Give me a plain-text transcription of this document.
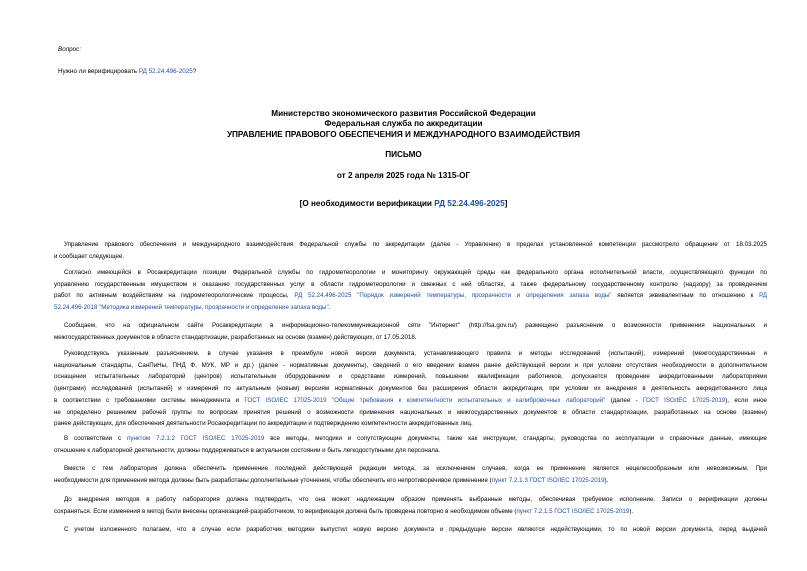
Вопрос:
Нужно ли верифицировать РД 52.24.496-2025?
Министерство экономического развития Российской Федерации
Федеральная служба по аккредитации
УПРАВЛЕНИЕ ПРАВОВОГО ОБЕСПЕЧЕНИЯ И МЕЖДУНАРОДНОГО ВЗАИМОДЕЙСТВИЯ
ПИСЬМО
от 2 апреля 2025 года № 1315-ОГ
[О необходимости верификации РД 52.24.496-2025]
Управление правового обеспечения и международного взаимодействия Федеральной службы по аккредитации (далее - Управление) в пределах установленной компетенции рассмотрело обращение от 18.03.2025
и сообщает следующее.
Согласно имеющейся в Росаккредитации позиции Федеральной службы по гидрометеорологии и мониторингу окружающей среды как федерального органа исполнительной власти, осуществляющего функции по
управлению государственным имуществом и оказанию государственных услуг в области гидрометеорологии и смежных с ней областях, а также федеральному государственному контролю (надзору) за проведением
работ по активным воздействиям на гидрометеорологические процессы, РД 52.24.496-2025 "Порядок измерений температуры, прозрачности и определения запаха воды" является эквивалентным по отношению к РД
52.24.496-2018 "Методика измерений температуры, прозрачности и определение запаха воды".
Сообщаем, что на официальном сайте Росаккредитации в информационно-телекоммуникационной сети "Интернет" (http://fsa.gov.ru/) размещено разъяснение о возможности применения национальных и
межгосударственных документов в области стандартизации, разработанных на основе (взамен) действующих, от 17.05.2018.
Руководствуясь указанным разъяснением, в случае указания в преамбуле новой версии документа, устанавливающего правила и методы исследований (испытаний), измерений (межгосударственные и
национальные стандарты, СанПиНы, ПНД Ф, МУК, МР и др.) (далее - нормативные документы), сведений о его введении взамен ранее действующей версии и при условии отсутствия необходимости в дополнительном
оснащении испытательных лабораторий (центров) испытательным оборудованием и средствами измерений, повышении квалификации работников, допускается проведение аккредитованными лабораториями
(центрами) исследований (испытаний) и измерений по актуальным (новым) версиям нормативных документов без расширения области аккредитации, при условии их внедрения в деятельность аккредитованного лица
в соответствии с требованиями системы менеджмента и ГОСТ ISO/IEC 17025-2019 "Общие требования к компетентности испытательных и калибровочных лабораторий" (далее - ГОСТ ISO/IEC 17025-2019), если иное
не определено решением рабочей группы по вопросам принятия решений о возможности применения национальных и межгосударственных документов в области стандартизации, разработанных на основе (взамен)
ранее действующих, для обеспечения деятельности Росаккредитации по аккредитации и подтверждению компетентности аккредитованных лиц.
В соответствии с пунктом 7.2.1.2 ГОСТ ISO/IEC 17025-2019 все методы, методики и сопутствующие документы, такие как инструкции, стандарты, руководства по эксплуатации и справочные данные, имеющие
отношение к лабораторной деятельности, должны поддерживаться в актуальном состоянии и быть легкодоступными для персонала.
Вместе с тем лаборатория должна обеспечить применение последней действующей редакции метода, за исключением случаев, когда ее применение является нецелесообразным или невозможным. При
необходимости для применения метода должны быть разработаны дополнительные уточнения, чтобы обеспечить его непротиворечивое применение (пункт 7.2.1.3 ГОСТ ISO/IEC 17025-2019).
До внедрения методов в работу лаборатория должна подтвердить, что она может надлежащим образом применять выбранные методы, обеспечивая требуемое исполнение. Записи о верификации должны
сохраняться. Если изменения в метод были внесены организацией-разработчиком, то верификация должна быть проведена повторно в необходимом объеме (пункт 7.2.1.5 ГОСТ ISO/IEC 17025-2019).
С учетом изложенного полагаем, что в случае если разработчик методики выпустил новую версию документа и предыдущие версии являются недействующими, то по новой версии документа, перед выдачей
